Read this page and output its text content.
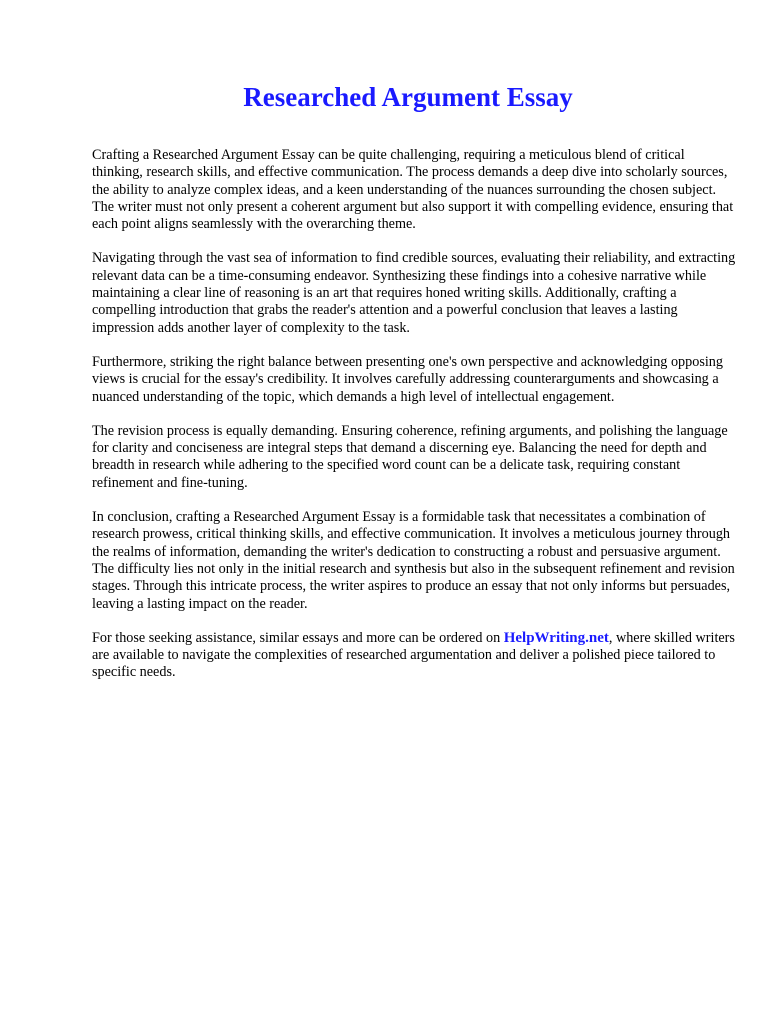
Researched Argument Essay

Crafting a Researched Argument Essay can be quite challenging, requiring a meticulous blend of critical thinking, research skills, and effective communication. The process demands a deep dive into scholarly sources, the ability to analyze complex ideas, and a keen understanding of the nuances surrounding the chosen subject. The writer must not only present a coherent argument but also support it with compelling evidence, ensuring that each point aligns seamlessly with the overarching theme.

Navigating through the vast sea of information to find credible sources, evaluating their reliability, and extracting relevant data can be a time-consuming endeavor. Synthesizing these findings into a cohesive narrative while maintaining a clear line of reasoning is an art that requires honed writing skills. Additionally, crafting a compelling introduction that grabs the reader's attention and a powerful conclusion that leaves a lasting impression adds another layer of complexity to the task.

Furthermore, striking the right balance between presenting one's own perspective and acknowledging opposing views is crucial for the essay's credibility. It involves carefully addressing counterarguments and showcasing a nuanced understanding of the topic, which demands a high level of intellectual engagement.

The revision process is equally demanding. Ensuring coherence, refining arguments, and polishing the language for clarity and conciseness are integral steps that demand a discerning eye. Balancing the need for depth and breadth in research while adhering to the specified word count can be a delicate task, requiring constant refinement and fine-tuning.

In conclusion, crafting a Researched Argument Essay is a formidable task that necessitates a combination of research prowess, critical thinking skills, and effective communication. It involves a meticulous journey through the realms of information, demanding the writer's dedication to constructing a robust and persuasive argument. The difficulty lies not only in the initial research and synthesis but also in the subsequent refinement and revision stages. Through this intricate process, the writer aspires to produce an essay that not only informs but persuades, leaving a lasting impact on the reader.

For those seeking assistance, similar essays and more can be ordered on HelpWriting.net, where skilled writers are available to navigate the complexities of researched argumentation and deliver a polished piece tailored to specific needs.
